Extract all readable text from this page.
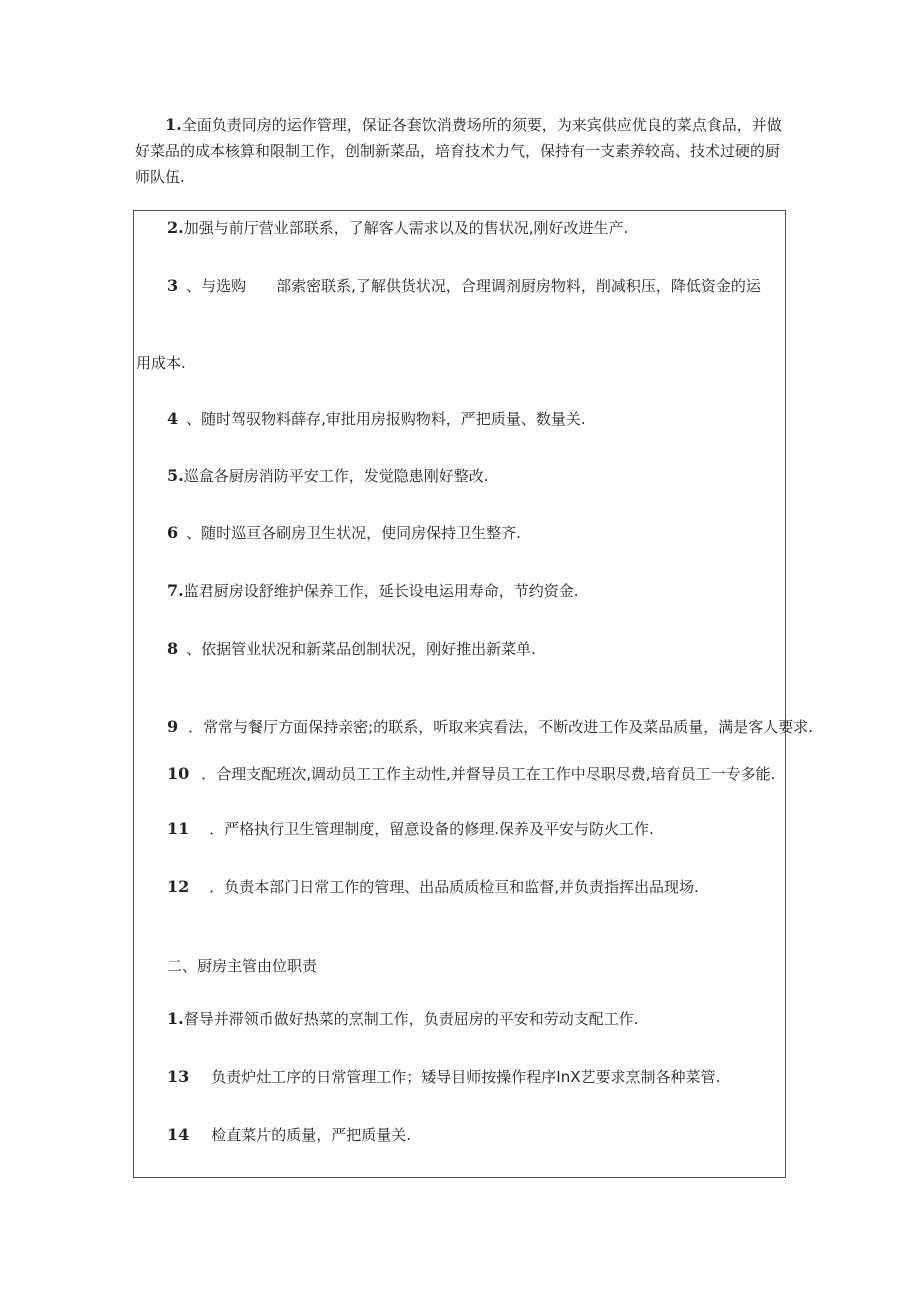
1.全面负责同房的运作管理，保证各套饮消费场所的须要，为来宾供应优良的菜点食品，并做好菜品的成本核算和限制工作，创制新菜品，培育技术力气，保持有一支素养较高、技术过硬的厨师队伍.

2.加强与前厅营业部联系，了解客人需求以及的售状况,刚好改进生产.
3 、与选购　　部索密联系,了解供货状况，合理调剂厨房物料，削减积压，降低资金的运
用成本.
4 、随时驾驭物料薛存,审批用房报购物料，严把质量、数量关.
5.巡盒各厨房消防平安工作，发觉隐患刚好整改.
6 、随时巡亘各刷房卫生状况，使同房保持卫生整齐.
7.监君厨房设舒维护保养工作，延长设电运用寿命，节约资金.
8 、依据管业状况和新菜品创制状况，刚好推出新菜单.
9 ．常常与餐厅方面保持亲密;的联系，听取来宾看法，不断改进工作及菜品质量，满是客人要求.
10 ．合理支配班次,调动员工工作主动性,并督导员工在工作中尽职尽费,培育员工一专多能.
11 ．严格执行卫生管理制度，留意设备的修理.保养及平安与防火工作.
12 ．负责本部门日常工作的管理、出品质质检亘和监督,并负责指挥出品现场.
二、厨房主管由位职责
1.督导并滞领币做好热菜的烹制工作，负责屈房的平安和劳动支配工作.
13 负责炉灶工序的日常管理工作；矮导目师按操作程序InX艺要求烹制各种菜管.
14 检直菜片的质量，严把质量关.
